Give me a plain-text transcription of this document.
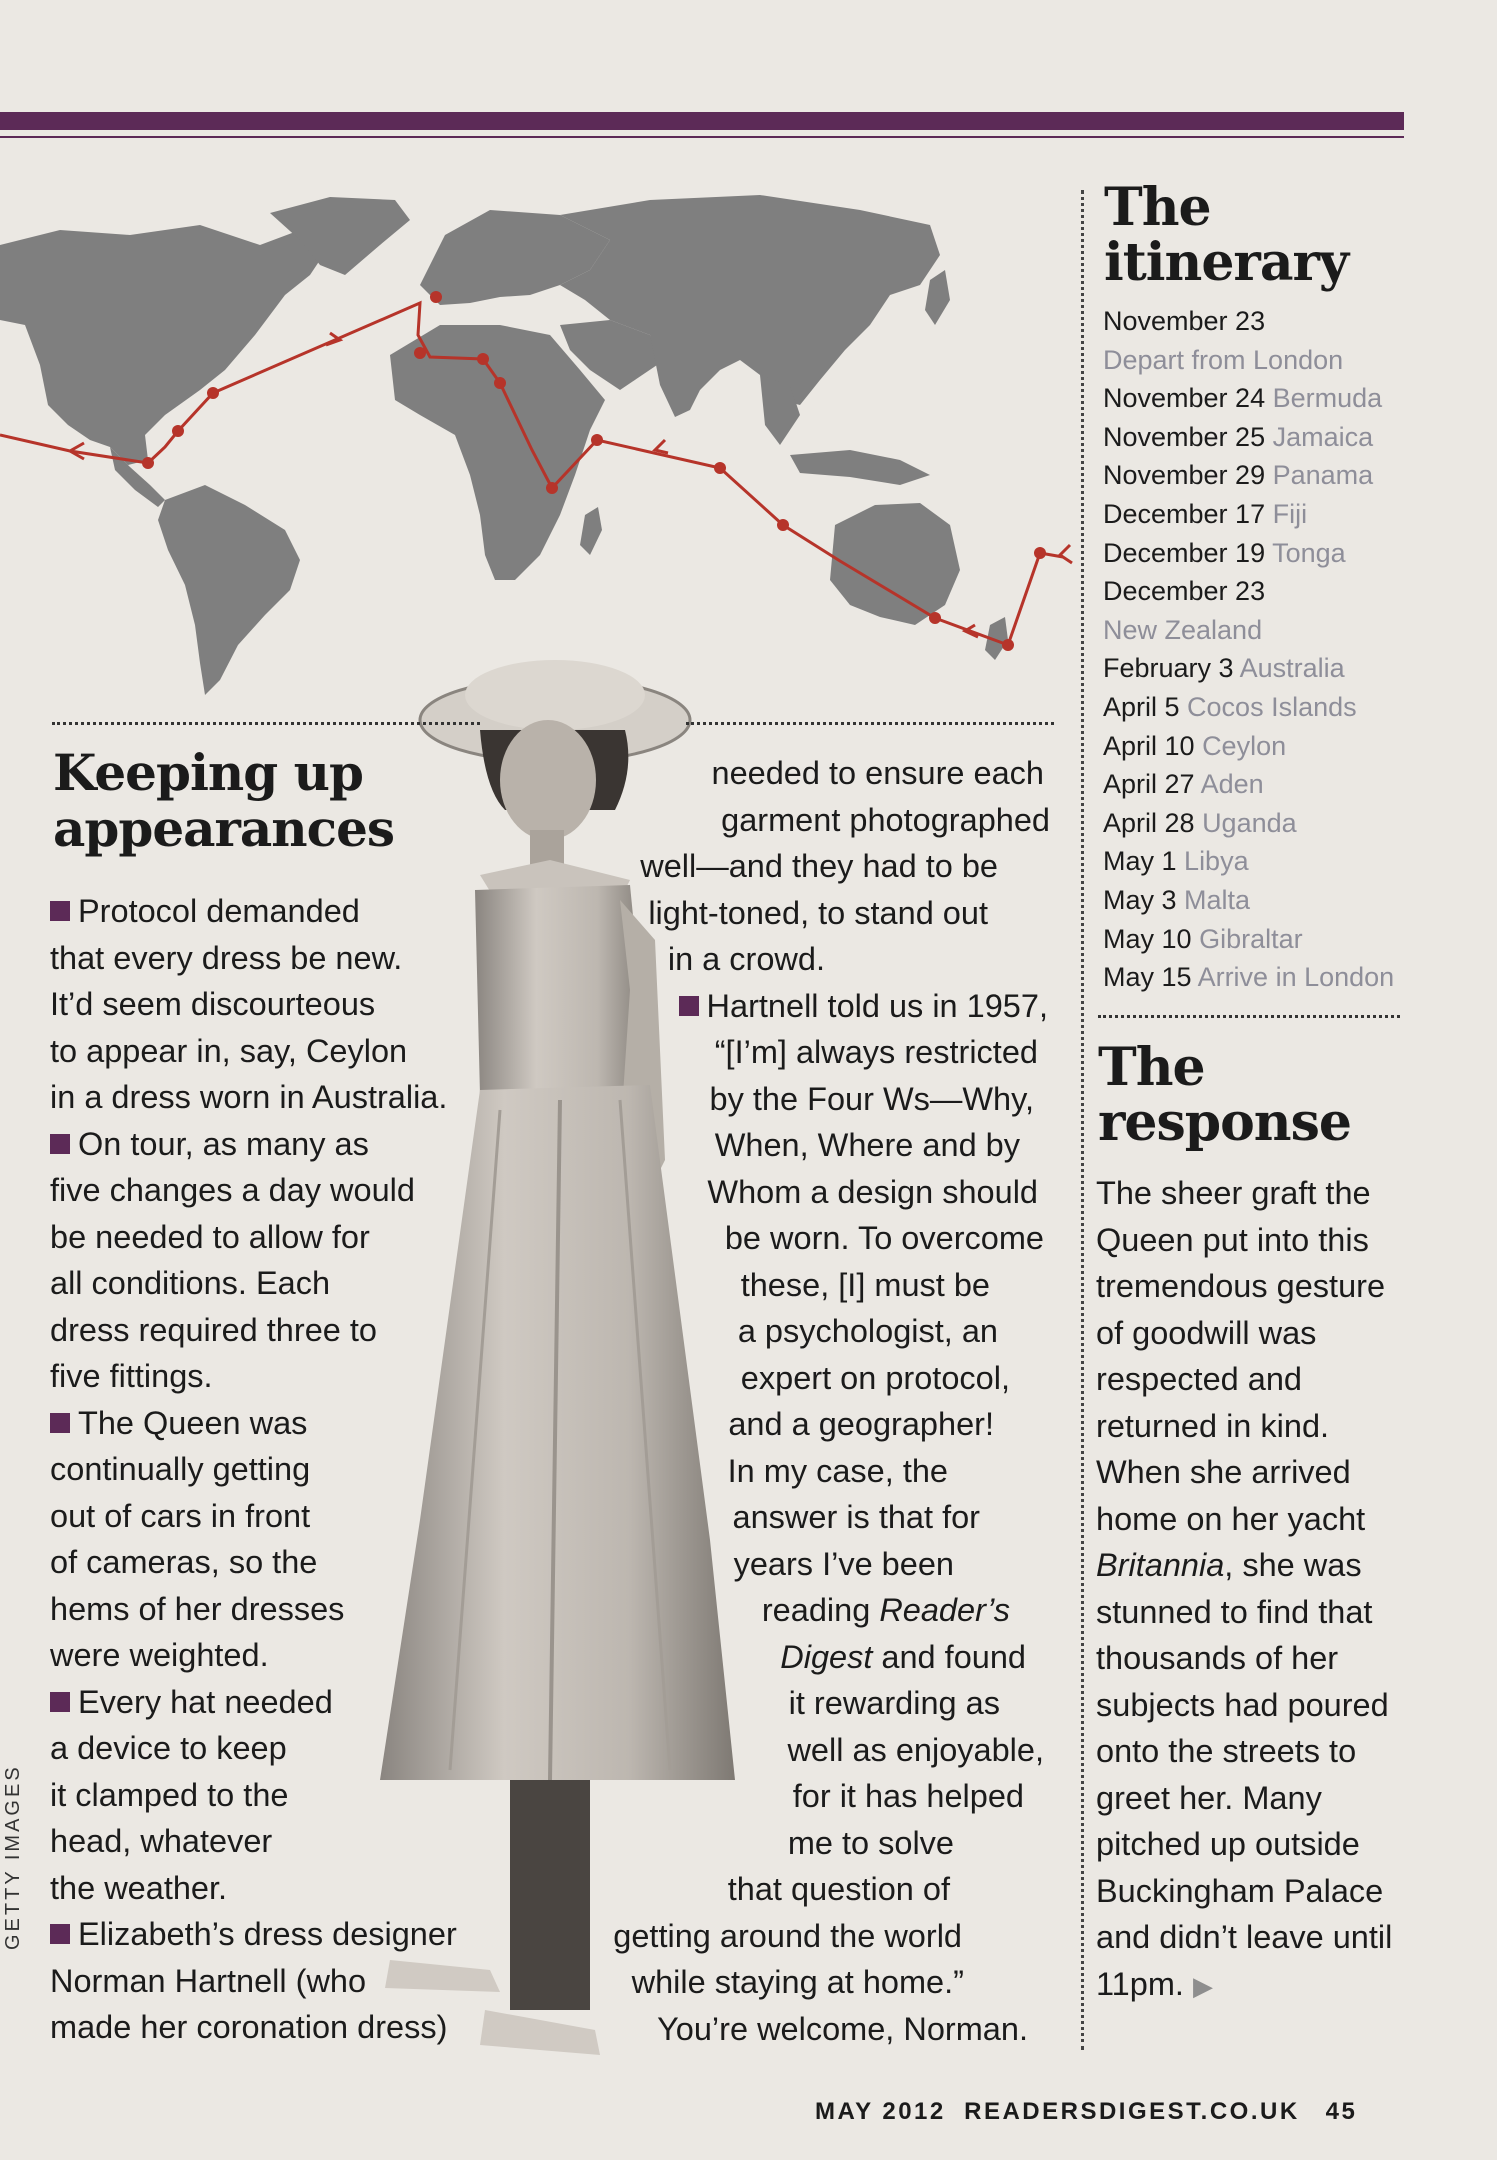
The itinerary
November 23
Depart from London
November 24 Bermuda
November 25 Jamaica
November 29 Panama
December 17 Fiji
December 19 Tonga
December 23
New Zealand
February 3 Australia
April 5 Cocos Islands
April 10 Ceylon
April 27 Aden
April 28 Uganda
May 1 Libya
May 3 Malta
May 10 Gibraltar
May 15 Arrive in London
The response

The sheer graft the Queen put into this tremendous gesture of goodwill was respected and returned in kind. When she arrived home on her yacht Britannia, she was stunned to find that thousands of her subjects had poured onto the streets to greet her. Many pitched up outside Buckingham Palace and didn’t leave until 11pm. ▶

Keeping up appearances
Protocol demanded
that every dress be new.
It’d seem discourteous
to appear in, say, Ceylon
in a dress worn in Australia.
On tour, as many as
five changes a day would
be needed to allow for
all conditions. Each
dress required three to
five fittings.
The Queen was
continually getting
out of cars in front
of cameras, so the
hems of her dresses
were weighted.
Every hat needed
a device to keep
it clamped to the
head, whatever
the weather.
Elizabeth’s dress designer
Norman Hartnell (who
made her coronation dress)
needed to ensure each
garment photographed
well—and they had to be
light-toned, to stand out
in a crowd.
Hartnell told us in 1957,
“[I’m] always restricted
by the Four Ws—Why,
When, Where and by
Whom a design should
be worn. To overcome
these, [I] must be
a psychologist, an
expert on protocol,
and a geographer!
In my case, the
answer is that for
years I’ve been
reading Reader’s
Digest and found
it rewarding as
well as enjoyable,
for it has helped
me to solve
that question of
getting around the world
while staying at home.”
You’re welcome, Norman.
GETTY IMAGES
MAY 2012 READERSDIGEST.CO.UK 45
